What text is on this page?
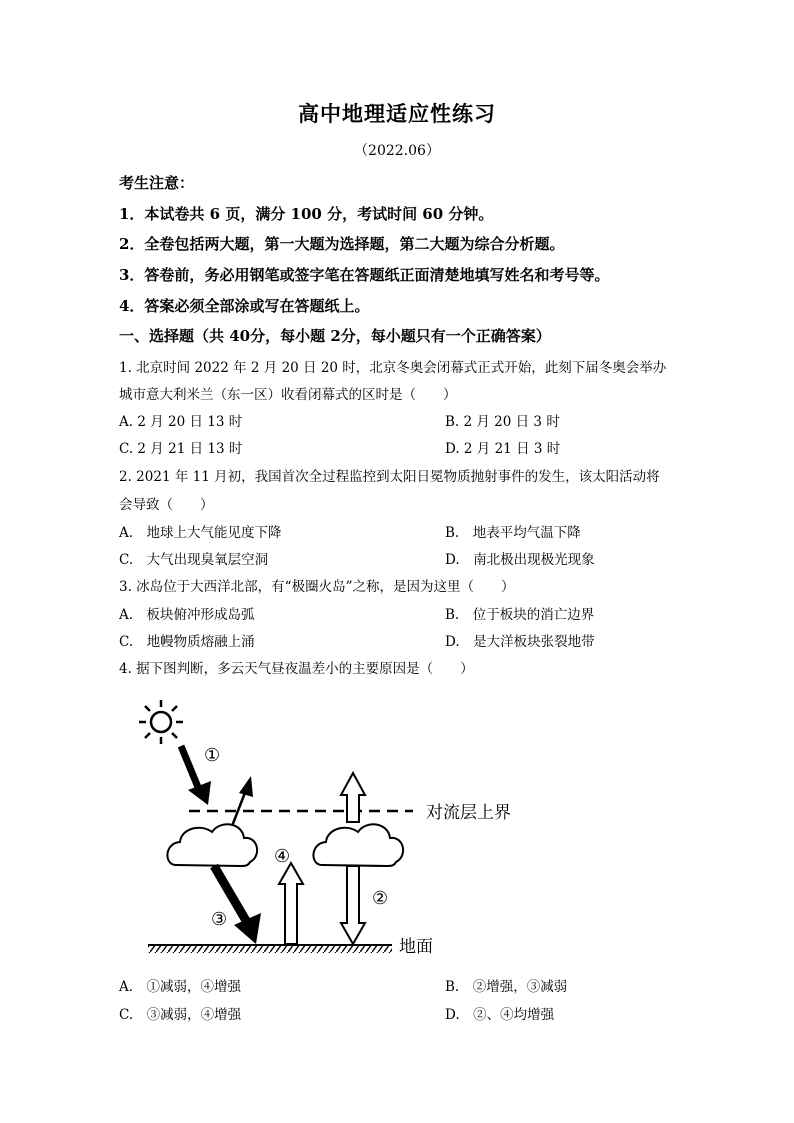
高中地理适应性练习
（2022.06）
考生注意：
1．本试卷共 6 页，满分 100 分，考试时间 60 分钟。
2．全卷包括两大题，第一大题为选择题，第二大题为综合分析题。
3．答卷前，务必用钢笔或签字笔在答题纸正面清楚地填写姓名和考号等。
4．答案必须全部涂或写在答题纸上。
一、选择题（共 40分，每小题 2分，每小题只有一个正确答案）
1. 北京时间 2022 年 2 月 20 日 20 时，北京冬奥会闭幕式正式开始，此刻下届冬奥会举办
城市意大利米兰（东一区）收看闭幕式的区时是（　　）
A. 2 月 20 日 13 时	B. 2 月 20 日 3 时
C. 2 月 21 日 13 时	D. 2 月 21 日 3 时
2. 2021 年 11 月初，我国首次全过程监控到太阳日冕物质抛射事件的发生，该太阳活动将
会导致（　　）
A.　地球上大气能见度下降	B.　地表平均气温下降
C.　大气出现臭氧层空洞	D.　南北极出现极光现象
3. 冰岛位于大西洋北部，有“极圈火岛”之称，是因为这里（　　）
A.　板块俯冲形成岛弧	B.　位于板块的消亡边界
C.　地幔物质熔融上涌	D.　是大洋板块张裂地带
4. 据下图判断，多云天气昼夜温差小的主要原因是（　　）
①
④
③
②
对流层上界
地面
A.　①减弱，④增强	B.　②增强，③减弱
C.　③减弱，④增强	D.　②、④均增强
